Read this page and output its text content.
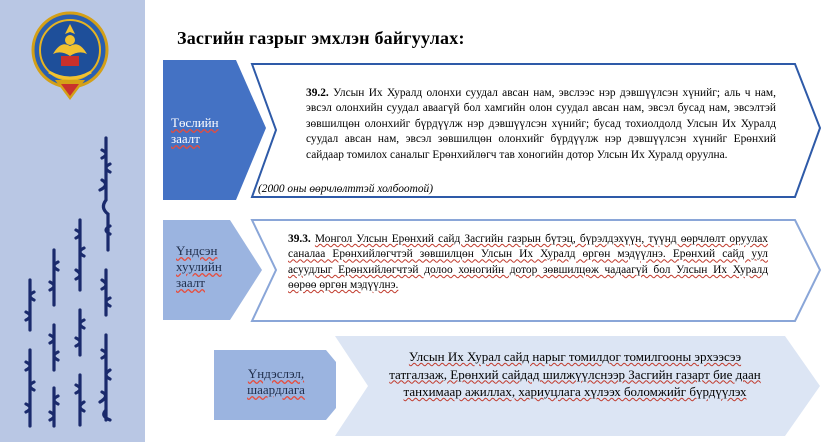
Засгийн газрыг эмхлэн байгуулах:
Төслийн
заалт
39.2. Улсын Их Хуралд олонхи суудал авсан нам, эвслээс нэр дэвшүүлсэн хүнийг; аль ч нам, эвсэл олонхийн суудал аваагүй бол хамгийн олон суудал авсан нам, эвсэл бусад нам, эвсэлтэй зөвшилцөн олонхийг бүрдүүлж нэр дэвшүүлсэн хүнийг; бусад тохиолдолд Улсын Их Хуралд суудал авсан нам, эвсэл зөвшилцөн олонхийг бүрдүүлж нэр дэвшүүлсэн хүнийг Ерөнхий сайдаар томилох саналыг Ерөнхийлөгч тав хоногийн дотор Улсын Их Хуралд оруулна.
(2000 оны өөрчлөлттэй холбоотой)
Үндсэн
хуулийн
заалт
39.3. Монгол Улсын Ерөнхий сайд Засгийн газрын бүтэц, бүрэлдэхүүн, түүнд өөрчлөлт оруулах саналаа Ерөнхийлөгчтэй зөвшилцөн Улсын Их Хуралд өргөн мэдүүлнэ. Ерөнхий сайд уул асуудлыг Ерөнхийлөгчтэй долоо хоногийн дотор зөвшилцөж чадаагүй бол Улсын Их Хуралд өөрөө өргөн мэдүүлнэ.
Үндэслэл,
шаардлага
Улсын Их Хурал сайд нарыг томилдог томилгооны эрхээсээ татгалзаж, Ерөнхий сайдад шилжүүлснээр Засгийн газарт бие даан танхимаар ажиллах, хариуцлага хүлээх боломжийг бүрдүүлэх
